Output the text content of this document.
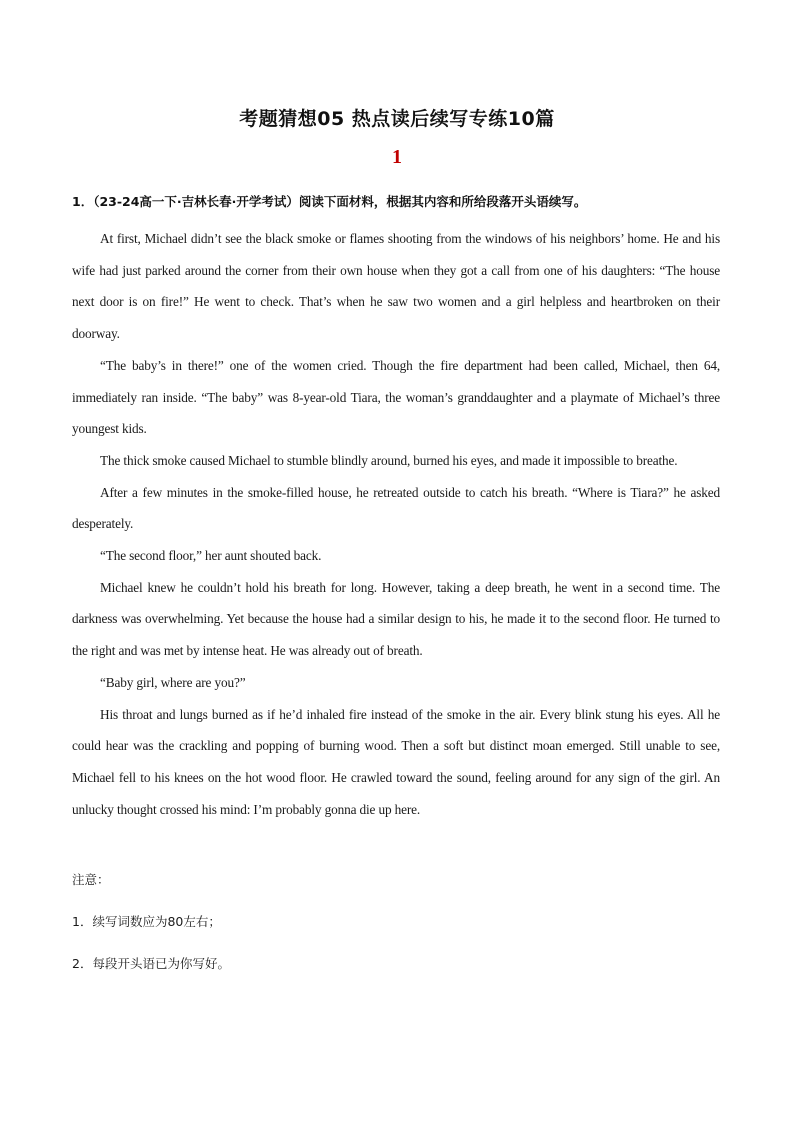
考题猜想05 热点读后续写专练10篇
1
1．（23-24高一下·吉林长春·开学考试）阅读下面材料，根据其内容和所给段落开头语续写。

At first, Michael didn’t see the black smoke or flames shooting from the windows of his neighbors’ home. He and his wife had just parked around the corner from their own house when they got a call from one of his daughters: “The house next door is on fire!” He went to check. That’s when he saw two women and a girl helpless and heartbroken on their doorway.

“The baby’s in there!” one of the women cried. Though the fire department had been called, Michael, then 64, immediately ran inside. “The baby” was 8-year-old Tiara, the woman’s granddaughter and a playmate of Michael’s three youngest kids.

The thick smoke caused Michael to stumble blindly around, burned his eyes, and made it impossible to breathe.

After a few minutes in the smoke-filled house, he retreated outside to catch his breath. “Where is Tiara?” he asked desperately.

“The second floor,” her aunt shouted back.

Michael knew he couldn’t hold his breath for long. However, taking a deep breath, he went in a second time. The darkness was overwhelming. Yet because the house had a similar design to his, he made it to the second floor. He turned to the right and was met by intense heat. He was already out of breath.

“Baby girl, where are you?”

His throat and lungs burned as if he’d inhaled fire instead of the smoke in the air. Every blink stung his eyes. All he could hear was the crackling and popping of burning wood. Then a soft but distinct moan emerged. Still unable to see, Michael fell to his knees on the hot wood floor. He crawled toward the sound, feeling around for any sign of the girl. An unlucky thought crossed his mind: I’m probably gonna die up here.

注意：
1．续写词数应为80左右；
2．每段开头语已为你写好。
